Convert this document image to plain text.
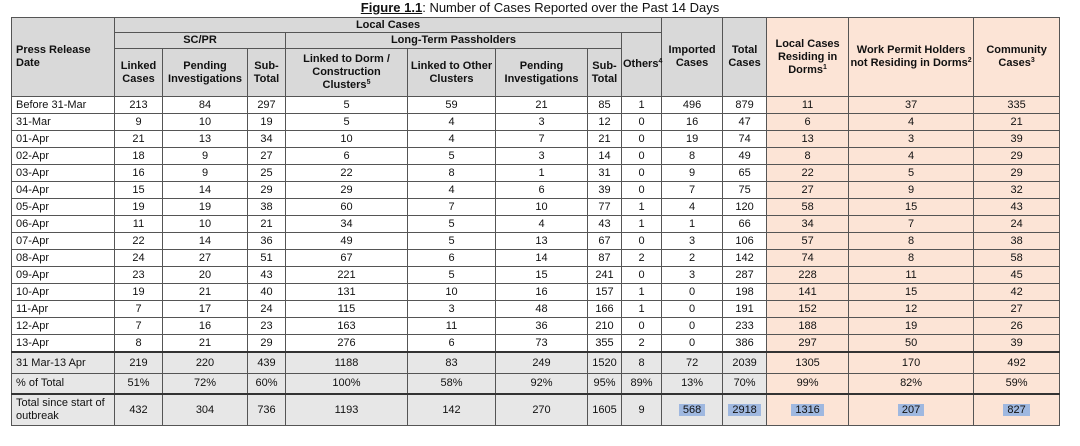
Figure 1.1: Number of Cases Reported over the Past 14 Days
Press Release Date	Local Cases								Imported Cases	Total Cases	Local Cases Residing in Dorms$^1$	Work Permit Holders not Residing in Dorms$^2$	Community Cases$^3$
	SC/PR			Long-Term Passholders				Others$^4$
	Linked Cases	Pending Investigations	Sub-Total	Linked to Dorm / Construction Clusters$^5$	Linked to Other Clusters	Pending Investigations	Sub-Total						
Before 31-Mar	213	84	297	5	59	21	85	1	496	879	11	37	335
31-Mar	9	10	19	5	4	3	12	0	16	47	6	4	21
01-Apr	21	13	34	10	4	7	21	0	19	74	13	3	39
02-Apr	18	9	27	6	5	3	14	0	8	49	8	4	29
03-Apr	16	9	25	22	8	1	31	0	9	65	22	5	29
04-Apr	15	14	29	29	4	6	39	0	7	75	27	9	32
05-Apr	19	19	38	60	7	10	77	1	4	120	58	15	43
06-Apr	11	10	21	34	5	4	43	1	1	66	34	7	24
07-Apr	22	14	36	49	5	13	67	0	3	106	57	8	38
08-Apr	24	27	51	67	6	14	87	2	2	142	74	8	58
09-Apr	23	20	43	221	5	15	241	0	3	287	228	11	45
10-Apr	19	21	40	131	10	16	157	1	0	198	141	15	42
11-Apr	7	17	24	115	3	48	166	1	0	191	152	12	27
12-Apr	7	16	23	163	11	36	210	0	0	233	188	19	26
13-Apr	8	21	29	276	6	73	355	2	0	386	297	50	39
31 Mar-13 Apr	219	220	439	1188	83	249	1520	8	72	2039	1305	170	492
% of Total	51%	72%	60%	100%	58%	92%	95%	89%	13%	70%	99%	82%	59%
Total since start of outbreak	432	304	736	1193	142	270	1605	9	568	2918	1316	207	827
